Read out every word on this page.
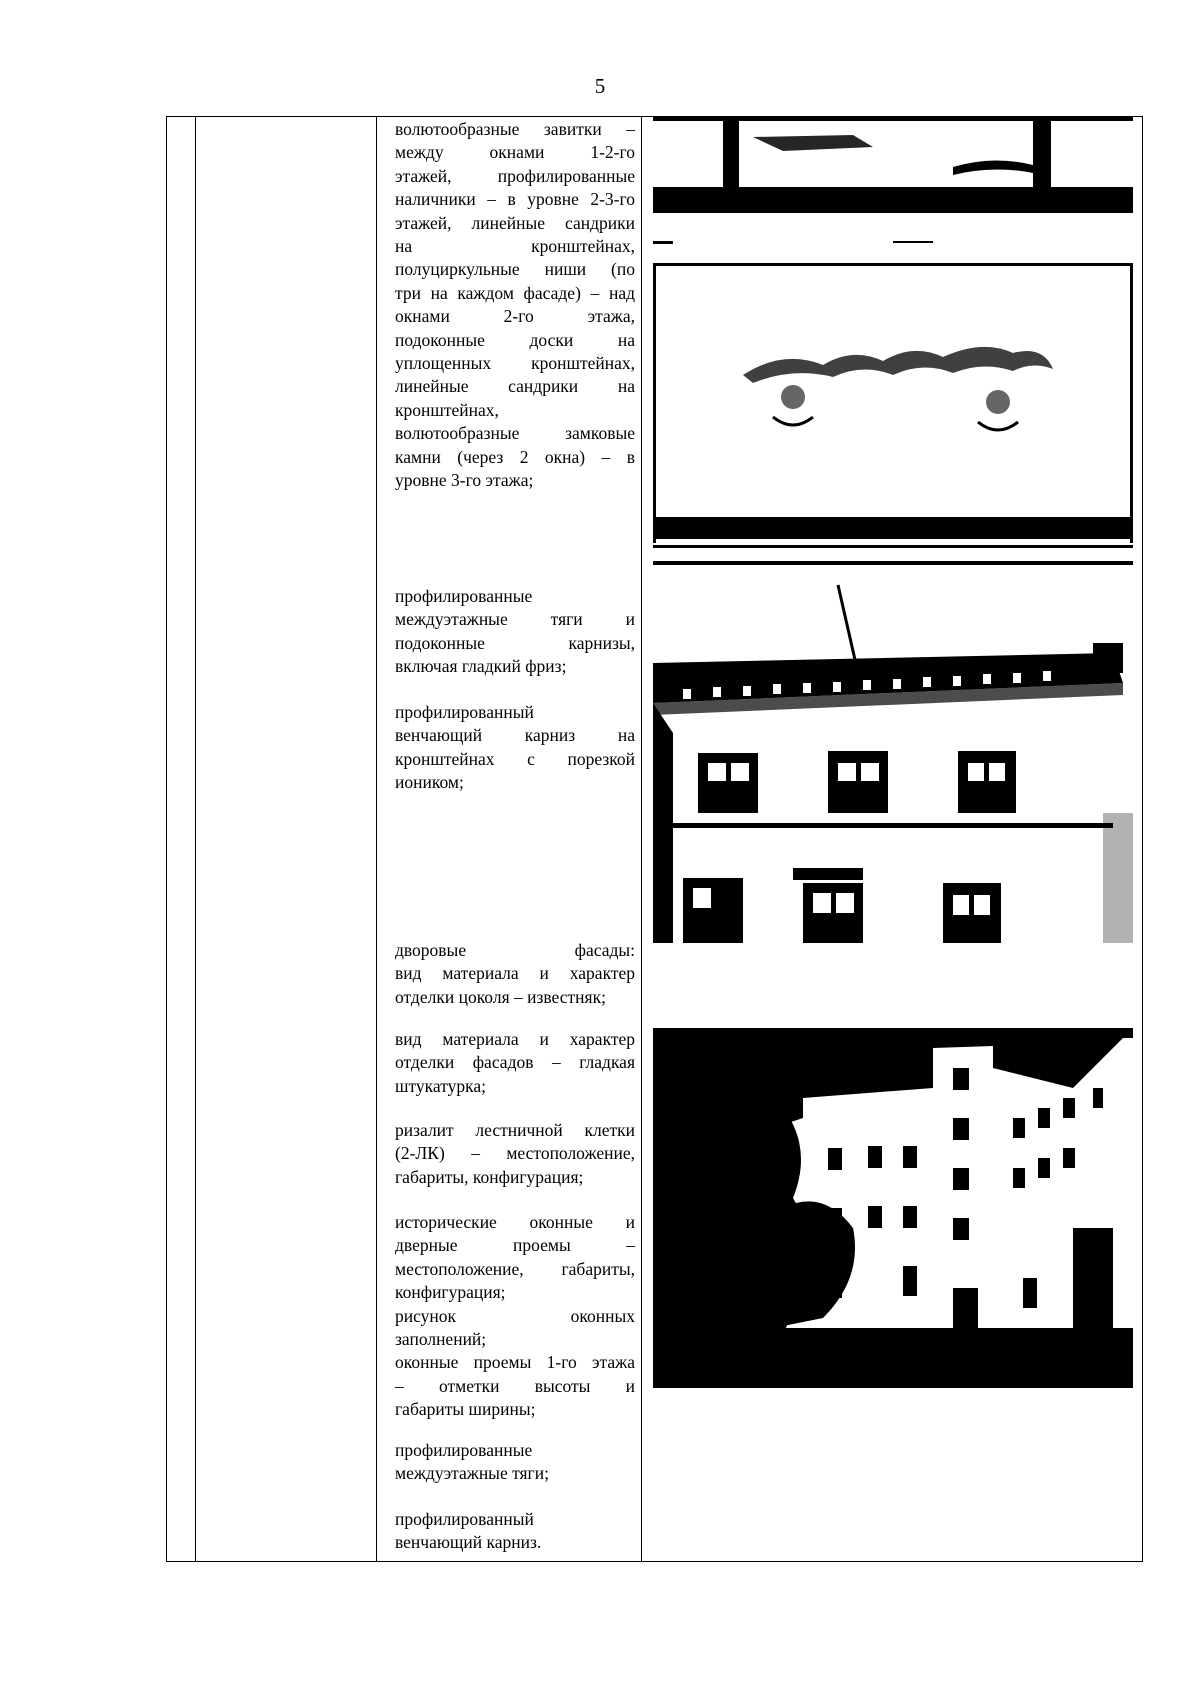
5
волютообразные завитки –
между окнами 1-2-го
этажей, профилированные
наличники – в уровне 2-3-го
этажей, линейные сандрики
на кронштейнах,
полуциркульные ниши (по
три на каждом фасаде) – над
окнами 2-го этажа,
подоконные доски на
уплощенных кронштейнах,
линейные сандрики на
кронштейнах,
волютообразные замковые
камни (через 2 окна) – в
уровне 3-го этажа;
профилированные
междуэтажные тяги и
подоконные карнизы,
включая гладкий фриз;
профилированный
венчающий карниз на
кронштейнах с порезкой
иоником;
дворовые фасады:
вид материала и характер
отделки цоколя – известняк;
вид материала и характер
отделки фасадов – гладкая
штукатурка;
ризалит лестничной клетки
(2-ЛК) – местоположение,
габариты, конфигурация;
исторические оконные и
дверные проемы –
местоположение, габариты,
конфигурация;
рисунок оконных
заполнений;
оконные проемы 1-го этажа
– отметки высоты и
габариты ширины;
профилированные
междуэтажные тяги;
профилированный
венчающий карниз.
